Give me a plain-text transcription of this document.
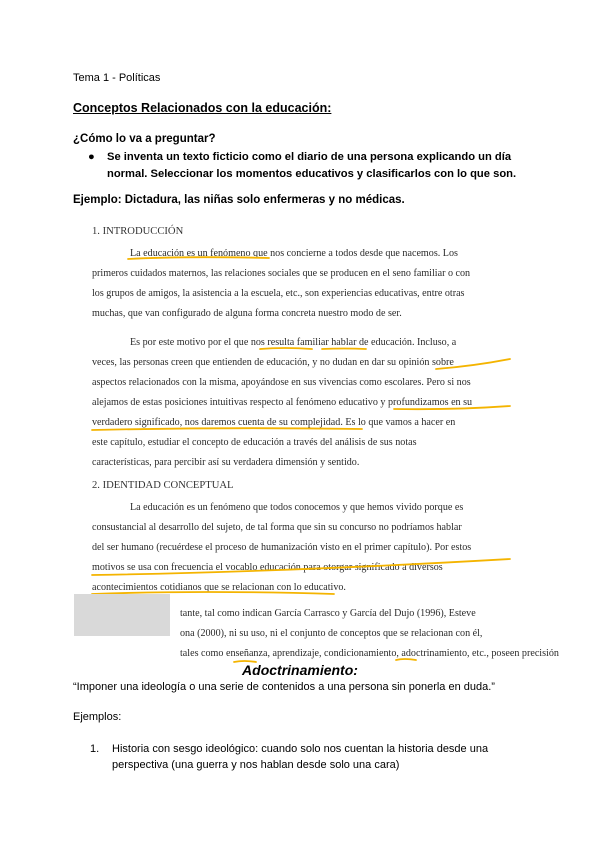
Tema 1 - Políticas
Conceptos Relacionados con la educación:
¿Cómo lo va a preguntar?
● Se inventa un texto ficticio como el diario de una persona explicando un día normal. Seleccionar los momentos educativos y clasificarlos con lo que son.
Ejemplo: Dictadura, las niñas solo enfermeras y no médicas.
1. INTRODUCCIÓN
La educación es un fenómeno que nos concierne a todos desde que nacemos. Los
primeros cuidados maternos, las relaciones sociales que se producen en el seno familiar o con
los grupos de amigos, la asistencia a la escuela, etc., son experiencias educativas, entre otras
muchas, que van configurado de alguna forma concreta nuestro modo de ser.
Es por este motivo por el que nos resulta familiar hablar de educación. Incluso, a
veces, las personas creen que entienden de educación, y no dudan en dar su opinión sobre
aspectos relacionados con la misma, apoyándose en sus vivencias como escolares. Pero si nos
alejamos de estas posiciones intuitivas respecto al fenómeno educativo y profundizamos en su
verdadero significado, nos daremos cuenta de su complejidad. Es lo que vamos a hacer en
este capítulo, estudiar el concepto de educación a través del análisis de sus notas
características, para percibir así su verdadera dimensión y sentido.
2. IDENTIDAD CONCEPTUAL
La educación es un fenómeno que todos conocemos y que hemos vivido porque es
consustancial al desarrollo del sujeto, de tal forma que sin su concurso no podríamos hablar
del ser humano (recuérdese el proceso de humanización visto en el primer capítulo). Por estos
motivos se usa con frecuencia el vocablo educación para otorgar significado a diversos
acontecimientos cotidianos que se relacionan con lo educativo.
tante, tal como indican García Carrasco y García del Dujo (1996), Esteve
ona (2000), ni su uso, ni el conjunto de conceptos que se relacionan con él,
tales como enseñanza, aprendizaje, condicionamiento, adoctrinamiento, etc., poseen precisión
Adoctrinamiento:
“Imponer una ideología o una serie de contenidos a una persona sin ponerla en duda.”
Ejemplos:
1. Historia con sesgo ideológico: cuando solo nos cuentan la historia desde una perspectiva (una guerra y nos hablan desde solo una cara)
